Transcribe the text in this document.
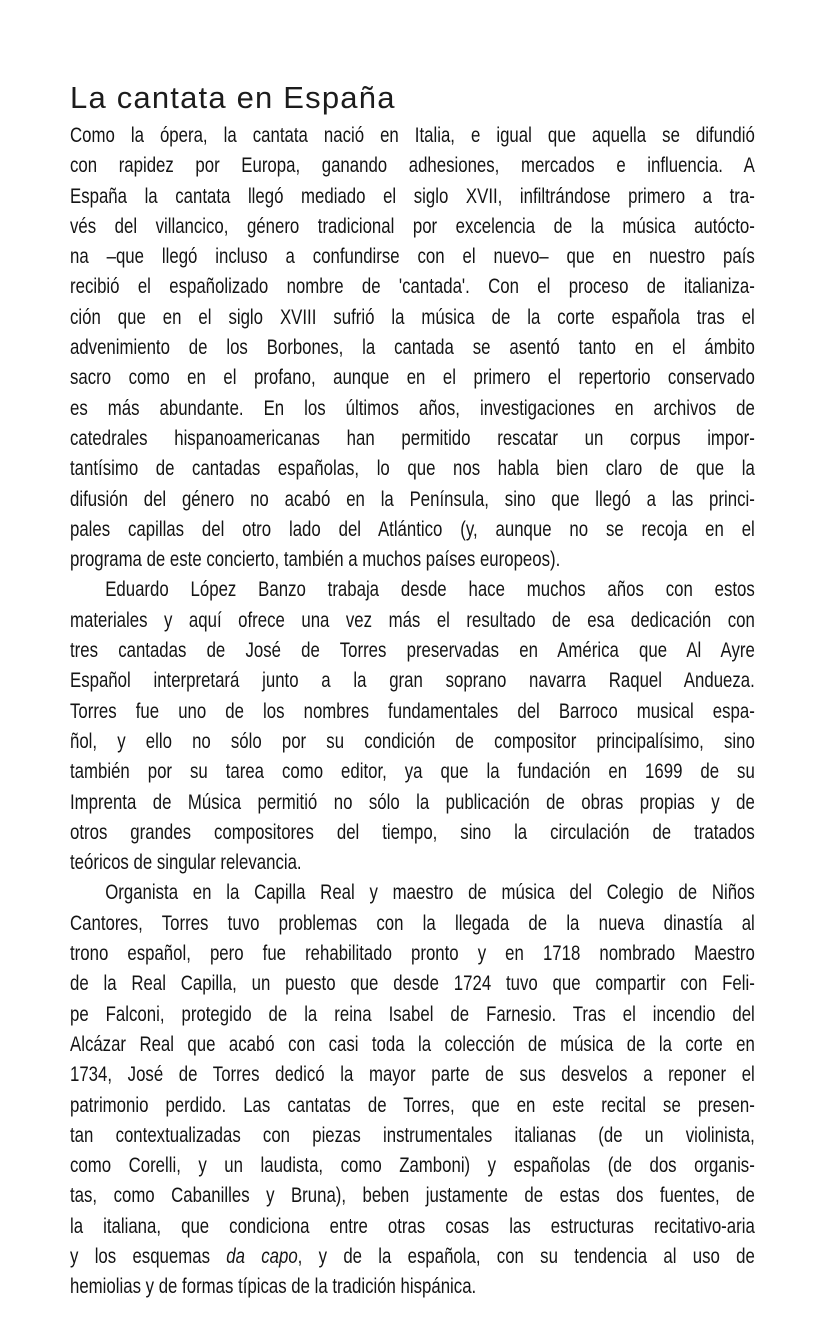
La cantata en España
Como la ópera, la cantata nació en Italia, e igual que aquella se difundió
con rapidez por Europa, ganando adhesiones, mercados e influencia. A
España la cantata llegó mediado el siglo XVII, infiltrándose primero a tra-
vés del villancico, género tradicional por excelencia de la música autócto-
na –que llegó incluso a confundirse con el nuevo– que en nuestro país
recibió el españolizado nombre de 'cantada'. Con el proceso de italianiza-
ción que en el siglo XVIII sufrió la música de la corte española tras el
advenimiento de los Borbones, la cantada se asentó tanto en el ámbito
sacro como en el profano, aunque en el primero el repertorio conservado
es más abundante. En los últimos años, investigaciones en archivos de
catedrales hispanoamericanas han permitido rescatar un corpus impor-
tantísimo de cantadas españolas, lo que nos habla bien claro de que la
difusión del género no acabó en la Península, sino que llegó a las princi-
pales capillas del otro lado del Atlántico (y, aunque no se recoja en el
programa de este concierto, también a muchos países europeos).
Eduardo López Banzo trabaja desde hace muchos años con estos
materiales y aquí ofrece una vez más el resultado de esa dedicación con
tres cantadas de José de Torres preservadas en América que Al Ayre
Español interpretará junto a la gran soprano navarra Raquel Andueza.
Torres fue uno de los nombres fundamentales del Barroco musical espa-
ñol, y ello no sólo por su condición de compositor principalísimo, sino
también por su tarea como editor, ya que la fundación en 1699 de su
Imprenta de Música permitió no sólo la publicación de obras propias y de
otros grandes compositores del tiempo, sino la circulación de tratados
teóricos de singular relevancia.
Organista en la Capilla Real y maestro de música del Colegio de Niños
Cantores, Torres tuvo problemas con la llegada de la nueva dinastía al
trono español, pero fue rehabilitado pronto y en 1718 nombrado Maestro
de la Real Capilla, un puesto que desde 1724 tuvo que compartir con Feli-
pe Falconi, protegido de la reina Isabel de Farnesio. Tras el incendio del
Alcázar Real que acabó con casi toda la colección de música de la corte en
1734, José de Torres dedicó la mayor parte de sus desvelos a reponer el
patrimonio perdido. Las cantatas de Torres, que en este recital se presen-
tan contextualizadas con piezas instrumentales italianas (de un violinista,
como Corelli, y un laudista, como Zamboni) y españolas (de dos organis-
tas, como Cabanilles y Bruna), beben justamente de estas dos fuentes, de
la italiana, que condiciona entre otras cosas las estructuras recitativo-aria
y los esquemas da capo, y de la española, con su tendencia al uso de
hemiolias y de formas típicas de la tradición hispánica.
